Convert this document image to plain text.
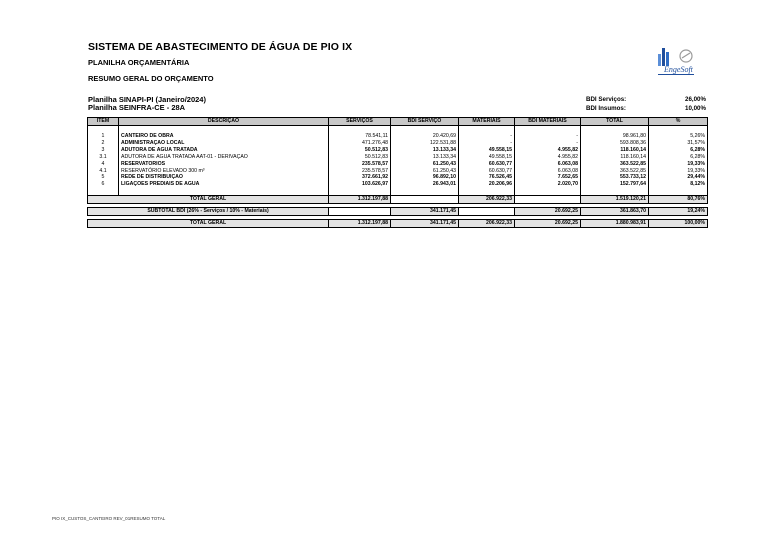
SISTEMA DE ABASTECIMENTO DE ÁGUA DE PIO IX
PLANILHA ORÇAMENTÁRIA
RESUMO GERAL DO ORÇAMENTO
Planilha SINAPI-PI (Janeiro/2024)
Planilha SEINFRA-CE - 28A
BDI Serviços:	26,00%
BDI Insumos:	10,00%
EngeSoft
ITEM	DESCRIÇÃO	SERVIÇOS	BDI SERVIÇO	MATERIAIS	BDI MATERIAIS	TOTAL	%

1	CANTEIRO DE OBRA	78.541,11	20.420,69	-	-	98.961,80	5,26%
2	ADMINISTRAÇÃO LOCAL	471.276,48	122.531,88	-	-	593.808,36	31,57%
3	ADUTORA DE ÁGUA TRATADA	50.512,83	13.133,34	49.558,15	4.955,82	118.160,14	6,28%
3.1	ADUTORA DE ÁGUA TRATADA AAT-01 - DERIVAÇÃO	50.512,83	13.133,34	49.558,15	4.955,82	118.160,14	6,28%
4	RESERVATÓRIOS	235.578,57	61.250,43	60.630,77	6.063,08	363.522,85	19,33%
4.1	RESERVATÓRIO ELEVADO 300 m³	235.578,57	61.250,43	60.630,77	6.063,08	363.522,85	19,33%
5	REDE DE DISTRIBUIÇÃO	372.661,92	96.892,10	76.526,45	7.652,65	553.733,12	29,44%
6	LIGAÇÕES PREDIAIS DE ÁGUA	103.626,97	26.943,01	20.206,96	2.020,70	152.797,64	8,12%

TOTAL GERAL		1.312.197,88		206.922,33		1.519.120,21	80,76%

SUBTOTAL BDI (26% - Serviços / 10% - Materiais)			341.171,45		20.692,25	361.863,70	19,24%

TOTAL GERAL		1.312.197,88	341.171,45	206.922,33	20.692,25	1.880.983,91	100,00%
PIO IX_CUSTOS_CANTEIRO REV_01RESUMO TOTAL
